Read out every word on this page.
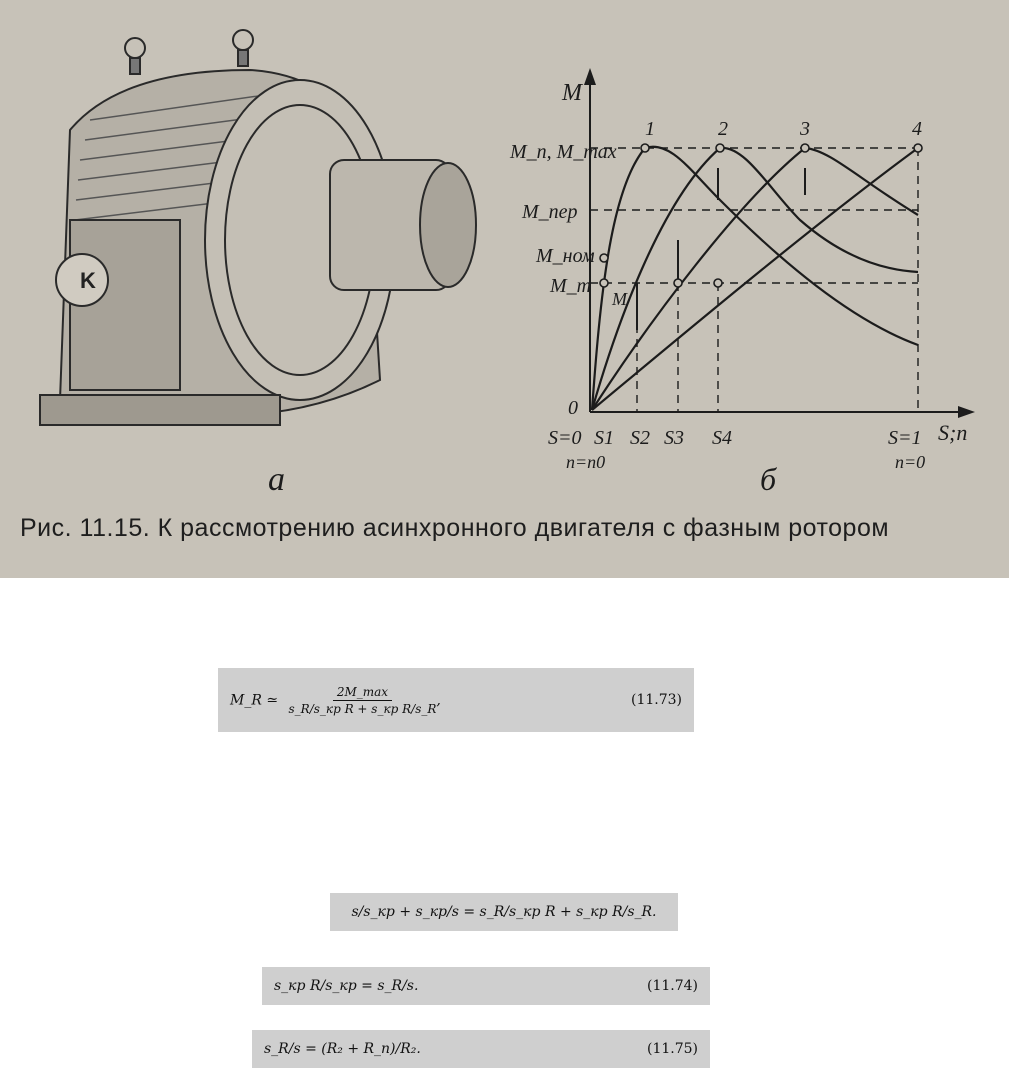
K
а
M
S;n
0
M_п, M_max
M_пер
M_ном
M_т
1	2	3	4
M
S=0 S1 S2 S3 S4	S=1
n=n0	n=0
б
Рис. 11.15. К рассмотрению асинхронного двигателя с фазным ротором
M_R ≃ $\frac{2M\_\max}{\text{s\_R/s\_кр R + s\_кр R/s\_R}}$ ,	(11.73)
s/s_кр + s_кр/s = s_R/s_кр R + s_кр R/s_R.
s_кр R/s_кр = s_R/s.	(11.74)
s_R/s = (R₂ + R_п)/R₂.	(11.75)
